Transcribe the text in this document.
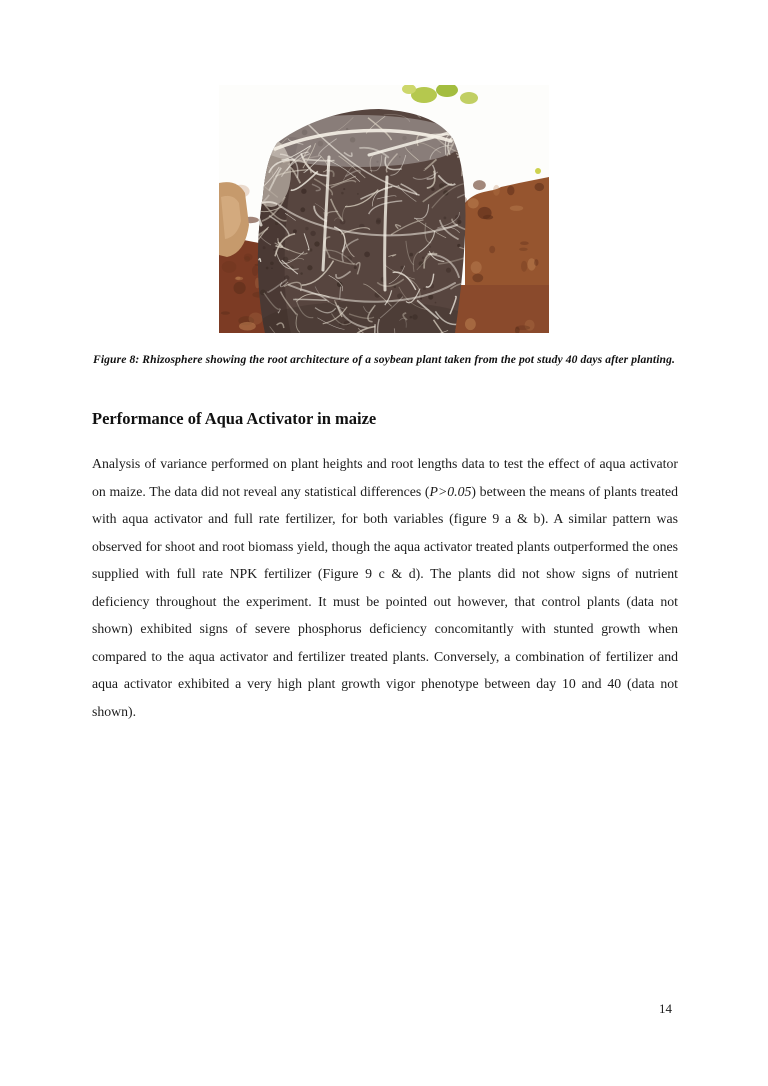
Figure 8: Rhizosphere showing the root architecture of a soybean plant taken from the pot study 40 days after planting.
Performance of Aqua Activator in maize

Analysis of variance performed on plant heights and root lengths data to test the effect of aqua activator on maize. The data did not reveal any statistical differences (P>0.05) between the means of plants treated with aqua activator and full rate fertilizer, for both variables (figure 9 a & b). A similar pattern was observed for shoot and root biomass yield, though the aqua activator treated plants outperformed the ones supplied with full rate NPK fertilizer (Figure 9 c & d). The plants did not show signs of nutrient deficiency throughout the experiment. It must be pointed out however, that control plants (data not shown) exhibited signs of severe phosphorus deficiency concomitantly with stunted growth when compared to the aqua activator and fertilizer treated plants. Conversely, a combination of fertilizer and aqua activator exhibited a very high plant growth vigor phenotype between day 10 and 40 (data not shown).

14
